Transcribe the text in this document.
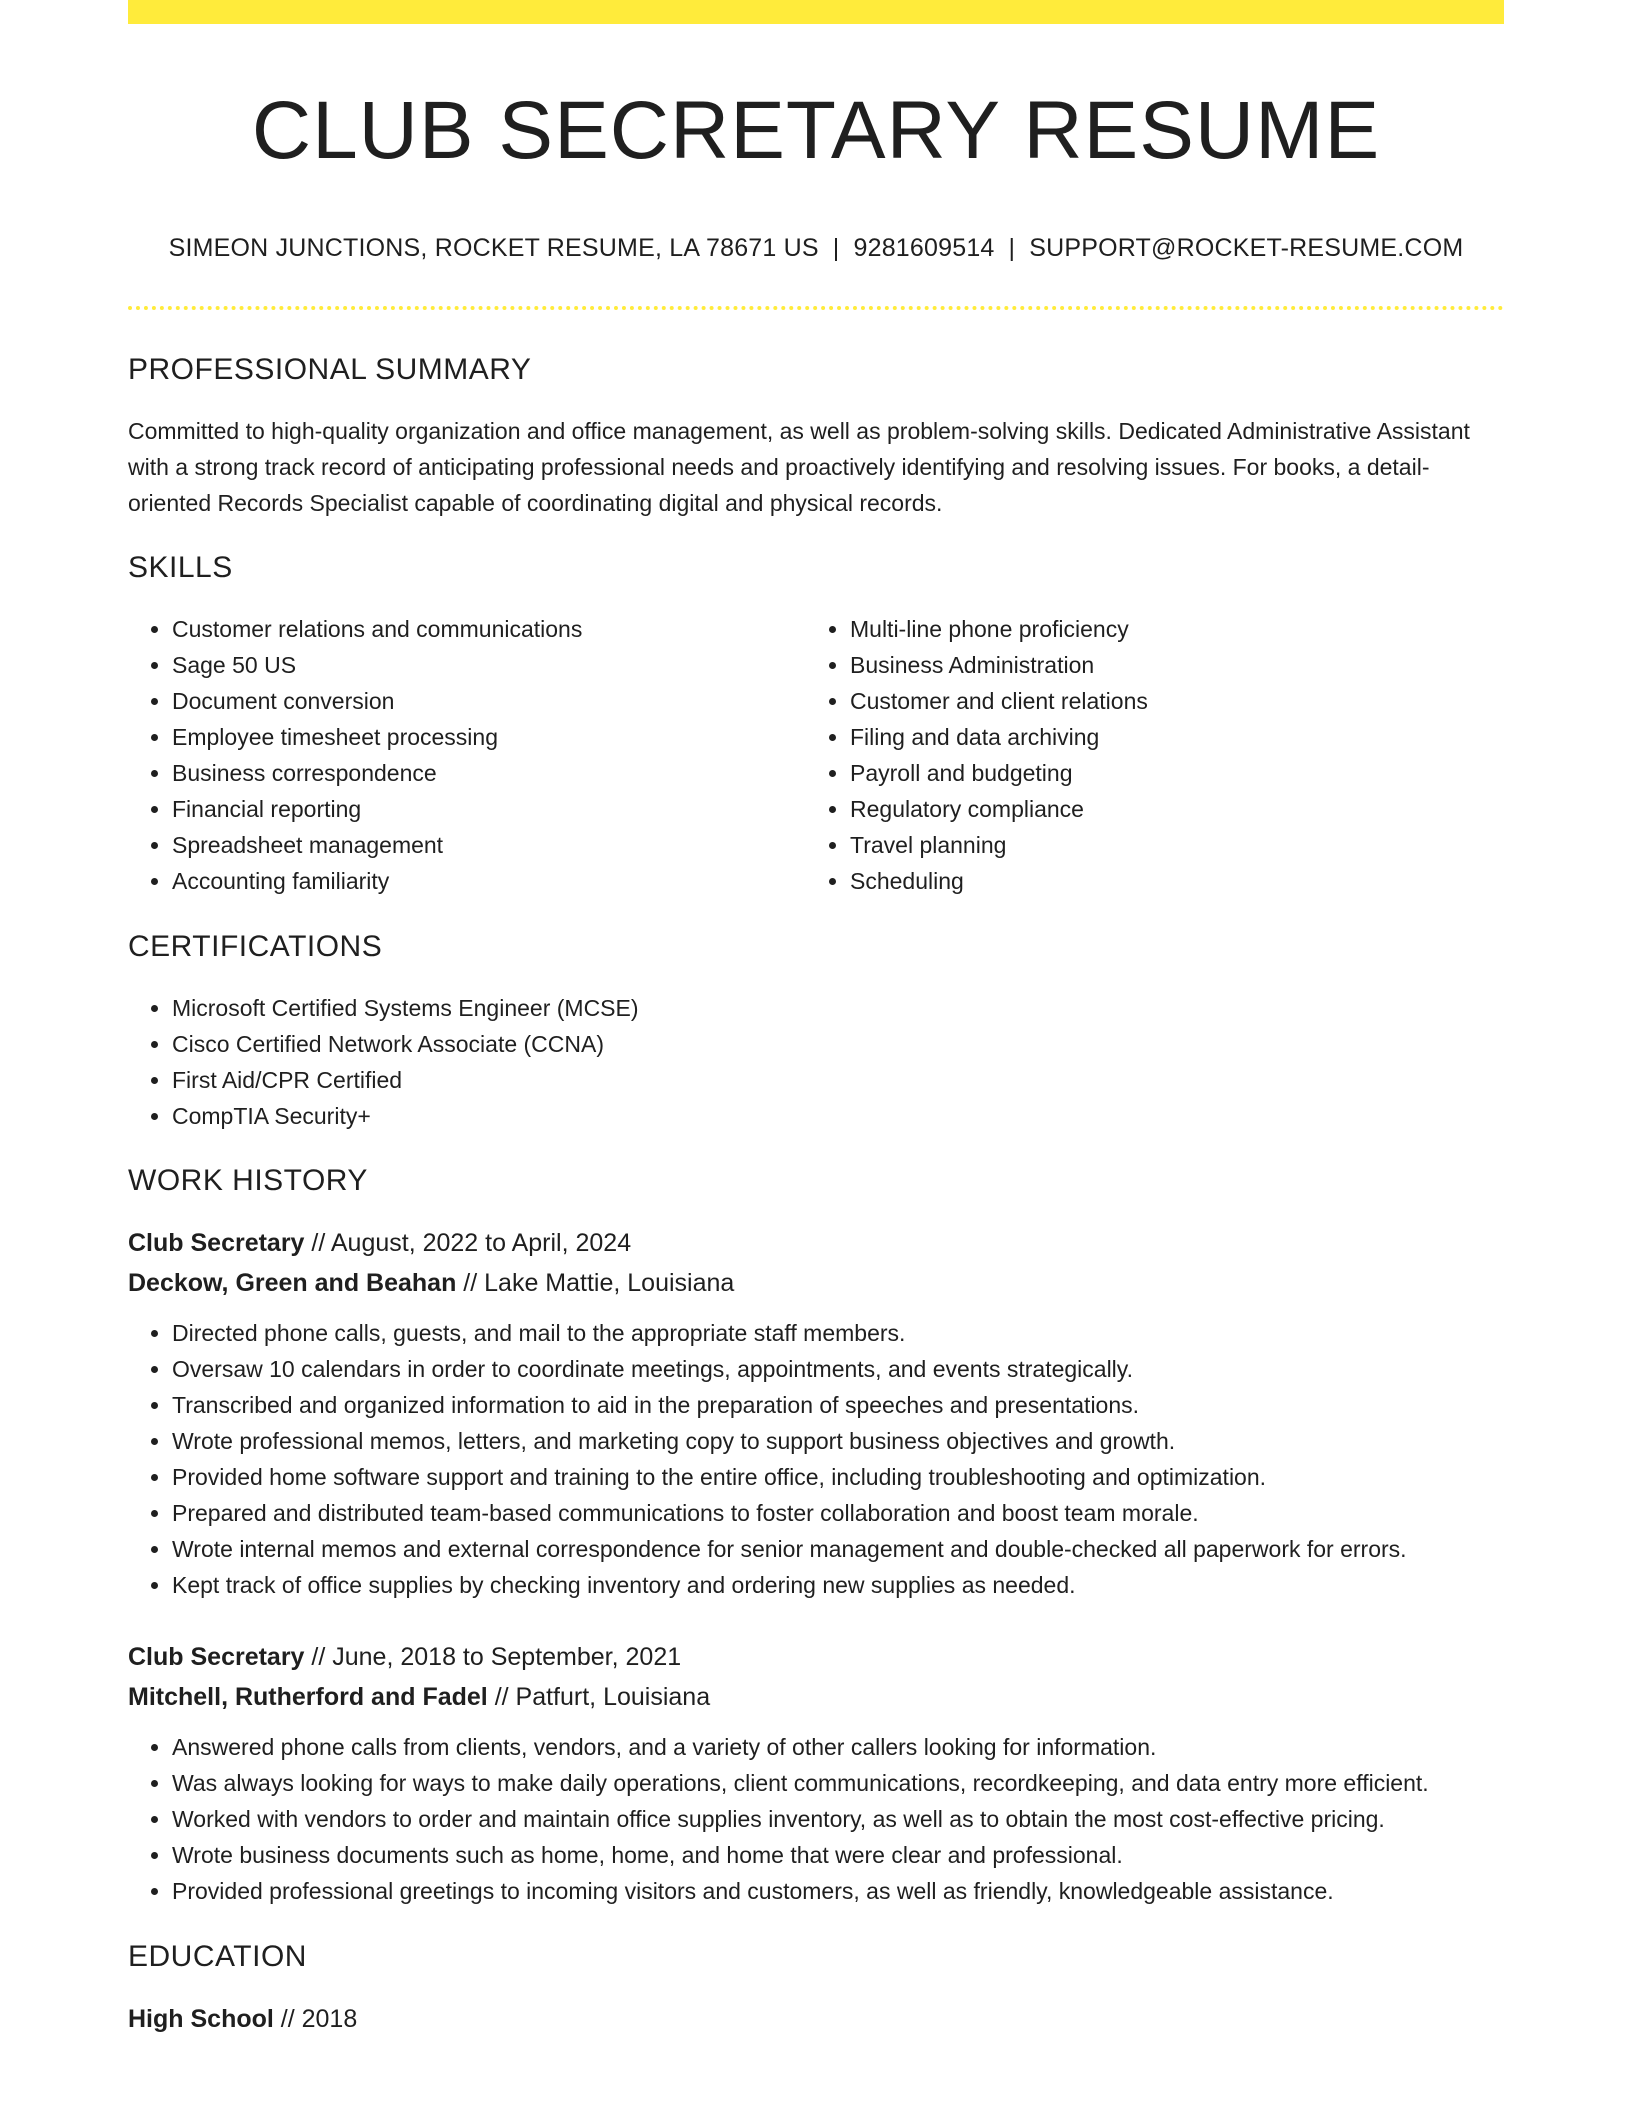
CLUB SECRETARY RESUME
SIMEON JUNCTIONS, ROCKET RESUME, LA 78671 US | 9281609514 | SUPPORT@ROCKET-RESUME.COM
PROFESSIONAL SUMMARY

Committed to high-quality organization and office management, as well as problem-solving skills. Dedicated Administrative Assistant with a strong track record of anticipating professional needs and proactively identifying and resolving issues. For books, a detail-oriented Records Specialist capable of coordinating digital and physical records.

SKILLS
• Customer relations and communications
• Sage 50 US
• Document conversion
• Employee timesheet processing
• Business correspondence
• Financial reporting
• Spreadsheet management
• Accounting familiarity
• Multi-line phone proficiency
• Business Administration
• Customer and client relations
• Filing and data archiving
• Payroll and budgeting
• Regulatory compliance
• Travel planning
• Scheduling
CERTIFICATIONS
• Microsoft Certified Systems Engineer (MCSE)
• Cisco Certified Network Associate (CCNA)
• First Aid/CPR Certified
• CompTIA Security+
WORK HISTORY
Club Secretary // August, 2022 to April, 2024
Deckow, Green and Beahan // Lake Mattie, Louisiana
• Directed phone calls, guests, and mail to the appropriate staff members.
• Oversaw 10 calendars in order to coordinate meetings, appointments, and events strategically.
• Transcribed and organized information to aid in the preparation of speeches and presentations.
• Wrote professional memos, letters, and marketing copy to support business objectives and growth.
• Provided home software support and training to the entire office, including troubleshooting and optimization.
• Prepared and distributed team-based communications to foster collaboration and boost team morale.
• Wrote internal memos and external correspondence for senior management and double-checked all paperwork for errors.
• Kept track of office supplies by checking inventory and ordering new supplies as needed.
Club Secretary // June, 2018 to September, 2021
Mitchell, Rutherford and Fadel // Patfurt, Louisiana
• Answered phone calls from clients, vendors, and a variety of other callers looking for information.
• Was always looking for ways to make daily operations, client communications, recordkeeping, and data entry more efficient.
• Worked with vendors to order and maintain office supplies inventory, as well as to obtain the most cost-effective pricing.
• Wrote business documents such as home, home, and home that were clear and professional.
• Provided professional greetings to incoming visitors and customers, as well as friendly, knowledgeable assistance.
EDUCATION
High School // 2018
